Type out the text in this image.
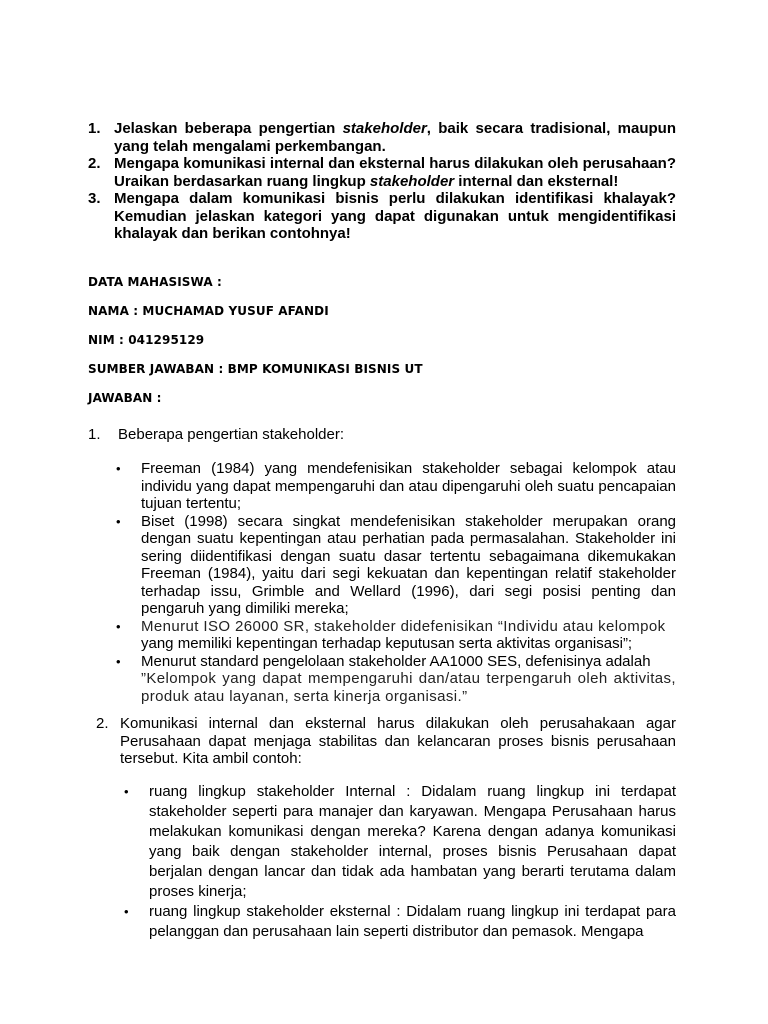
1. Jelaskan beberapa pengertian stakeholder, baik secara tradisional, maupun yang telah mengalami perkembangan.
2. Mengapa komunikasi internal dan eksternal harus dilakukan oleh perusahaan? Uraikan berdasarkan ruang lingkup stakeholder internal dan eksternal!
3. Mengapa dalam komunikasi bisnis perlu dilakukan identifikasi khalayak? Kemudian jelaskan kategori yang dapat digunakan untuk mengidentifikasi khalayak dan berikan contohnya!
DATA MAHASISWA :
NAMA : MUCHAMAD YUSUF AFANDI
NIM : 041295129
SUMBER JAWABAN : BMP KOMUNIKASI BISNIS UT
JAWABAN :
1.	Beberapa pengertian stakeholder:
•	Freeman (1984) yang mendefenisikan stakeholder sebagai kelompok atau individu yang dapat mempengaruhi dan atau dipengaruhi oleh suatu pencapaian tujuan tertentu;
•	Biset (1998) secara singkat mendefenisikan stakeholder merupakan orang dengan suatu kepentingan atau perhatian pada permasalahan. Stakeholder ini sering diidentifikasi dengan suatu dasar tertentu sebagaimana dikemukakan Freeman (1984), yaitu dari segi kekuatan dan kepentingan relatif stakeholder terhadap issu, Grimble and Wellard (1996), dari segi posisi penting dan pengaruh yang dimiliki mereka;
•	Menurut ISO 26000 SR, stakeholder didefenisikan “Individu atau kelompok
yang memiliki kepentingan terhadap keputusan serta aktivitas organisasi”;
•	Menurut standard pengelolaan stakeholder AA1000 SES, defenisinya adalah
”Kelompok yang dapat mempengaruhi dan/atau terpengaruh oleh aktivitas, produk atau layanan, serta kinerja organisasi.”
2. Komunikasi internal dan eksternal harus dilakukan oleh perusahakaan agar Perusahaan dapat menjaga stabilitas dan kelancaran proses bisnis perusahaan tersebut. Kita ambil contoh:
•	ruang lingkup stakeholder Internal : Didalam ruang lingkup ini terdapat stakeholder seperti para manajer dan karyawan. Mengapa Perusahaan harus melakukan komunikasi dengan mereka? Karena dengan adanya komunikasi yang baik dengan stakeholder internal, proses bisnis Perusahaan dapat berjalan dengan lancar dan tidak ada hambatan yang berarti terutama dalam proses kinerja;
•	ruang lingkup stakeholder eksternal : Didalam ruang lingkup ini terdapat para pelanggan dan perusahaan lain seperti distributor dan pemasok. Mengapa
